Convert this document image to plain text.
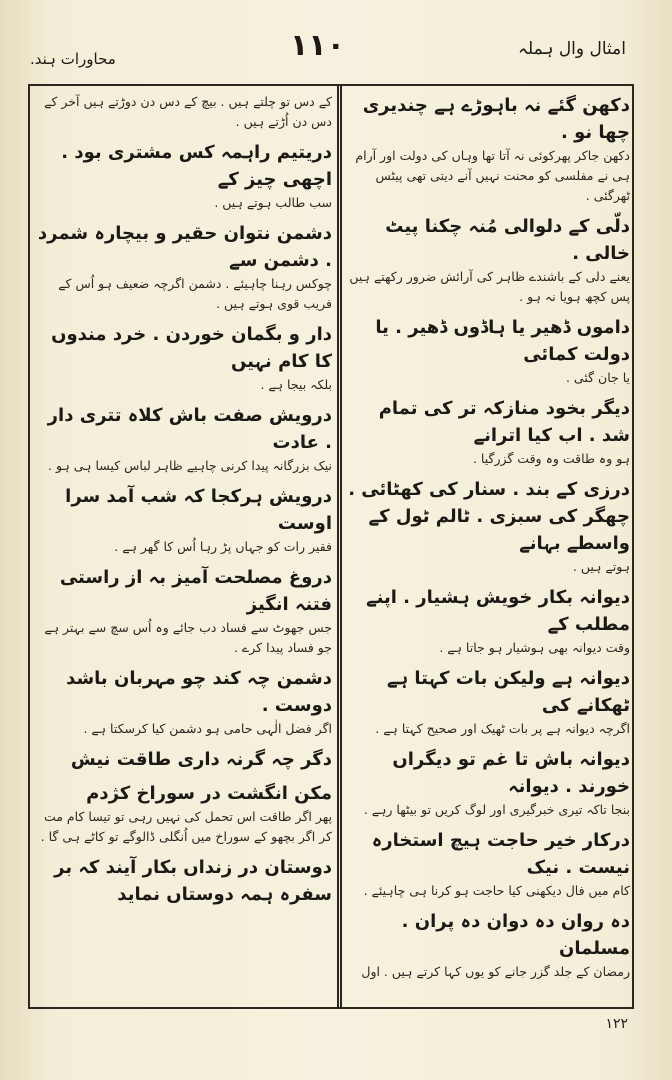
امثال وال ہملہ
۱۱۰
محاورات ہند.
دکھن گئے نہ باہوڑے ہے چندیری چھا نو .
دکھن جاکر پھرکوئی نہ آتا تھا وہاں کی دولت اور آرام ہی نے مفلسی کو محنت نہیں آنے دیتی تھی پیٹس ٹھرگئی .
دلّی کے دلوالی مُنہ چکنا پیٹ خالی .
یعنے دلی کے باشندے ظاہر کی آرائش ضرور رکھتے ہیں پس کچھ ہویا نہ ہو .
داموں ڈھیر یا ہاڈوں ڈھیر . یا دولت کمائی
یا جان گئی .
دیگر بخود منازکہ تر کی تمام شد . اب کیا اترانے
ہو وہ طاقت وہ وقت گزرگیا .
درزی کے بند . سنار کی کھٹائی . چھگر کی سبزی . ٹالم ٹول کے واسطے بہانے
ہوتے ہیں .
دیوانہ بکار خویش ہشیار . اپنے مطلب کے
وقت دیوانہ بھی ہوشیار ہو جاتا ہے .
دیوانہ ہے ولیکن بات کہتا ہے ٹھکانے کی
اگرچہ دیوانہ ہے پر بات ٹھیک اور صحیح کہتا ہے .
دیوانہ باش تا غم تو دیگراں خورند . دیوانہ
بنجا تاکہ تیری خبرگیری اور لوگ کریں تو بیٹھا رہے .
درکار خیر حاجت ہیچ استخارہ نیست . نیک
کام میں فال دیکھنی کیا حاجت ہو کرنا ہی چاہیئے .
دہ روان دہ دوان دہ پران . مسلمان
رمضان کے جلد گزر جانے کو یوں کہا کرتے ہیں . اول
کے دس تو چلتے ہیں . بیچ کے دس دن دوڑتے ہیں آخر کے دس دن اُڑتے ہیں .
دریتیم راہمہ کس مشتری بود . اچھی چیز کے
سب طالب ہوتے ہیں .
دشمن نتوان حقیر و بیچارہ شمرد . دشمن سے
چوکس رہنا چاہیئے . دشمن اگرچہ ضعیف ہو اُس کے فریب قوی ہوتے ہیں .
دار و بگمان خوردن . خرد مندوں کا کام نہیں
بلکہ بیجا ہے .
درویش صفت باش کلاہ تتری دار . عادت
نیک بزرگانہ پیدا کرنی چاہیے ظاہر لباس کیسا ہی ہو .
درویش ہرکجا کہ شب آمد سرا اوست
فقیر رات کو جہاں پڑ رہا اُس کا گھر ہے .
دروغ مصلحت آمیز بہ از راستی فتنہ انگیز
جس جھوٹ سے فساد دب جائے وہ اُس سچ سے بہتر ہے جو فساد پیدا کرے .
دشمن چہ کند چو مہربان باشد دوست .
اگر فضل الٰہی حامی ہو دشمن کیا کرسکتا ہے .
دگر چہ گرنہ داری طاقت نیش
مکن انگشت در سوراخ کژدم
پھر اگر طاقت اس تحمل کی نہیں رہی تو تیسا کام مت کر اگر بچھو کے سوراخ میں اُنگلی ڈالوگے تو کاٹے ہی گا .
دوستان در زنداں بکار آیند کہ بر سفرہ ہمہ دوستاں نماید
۱۲۲
